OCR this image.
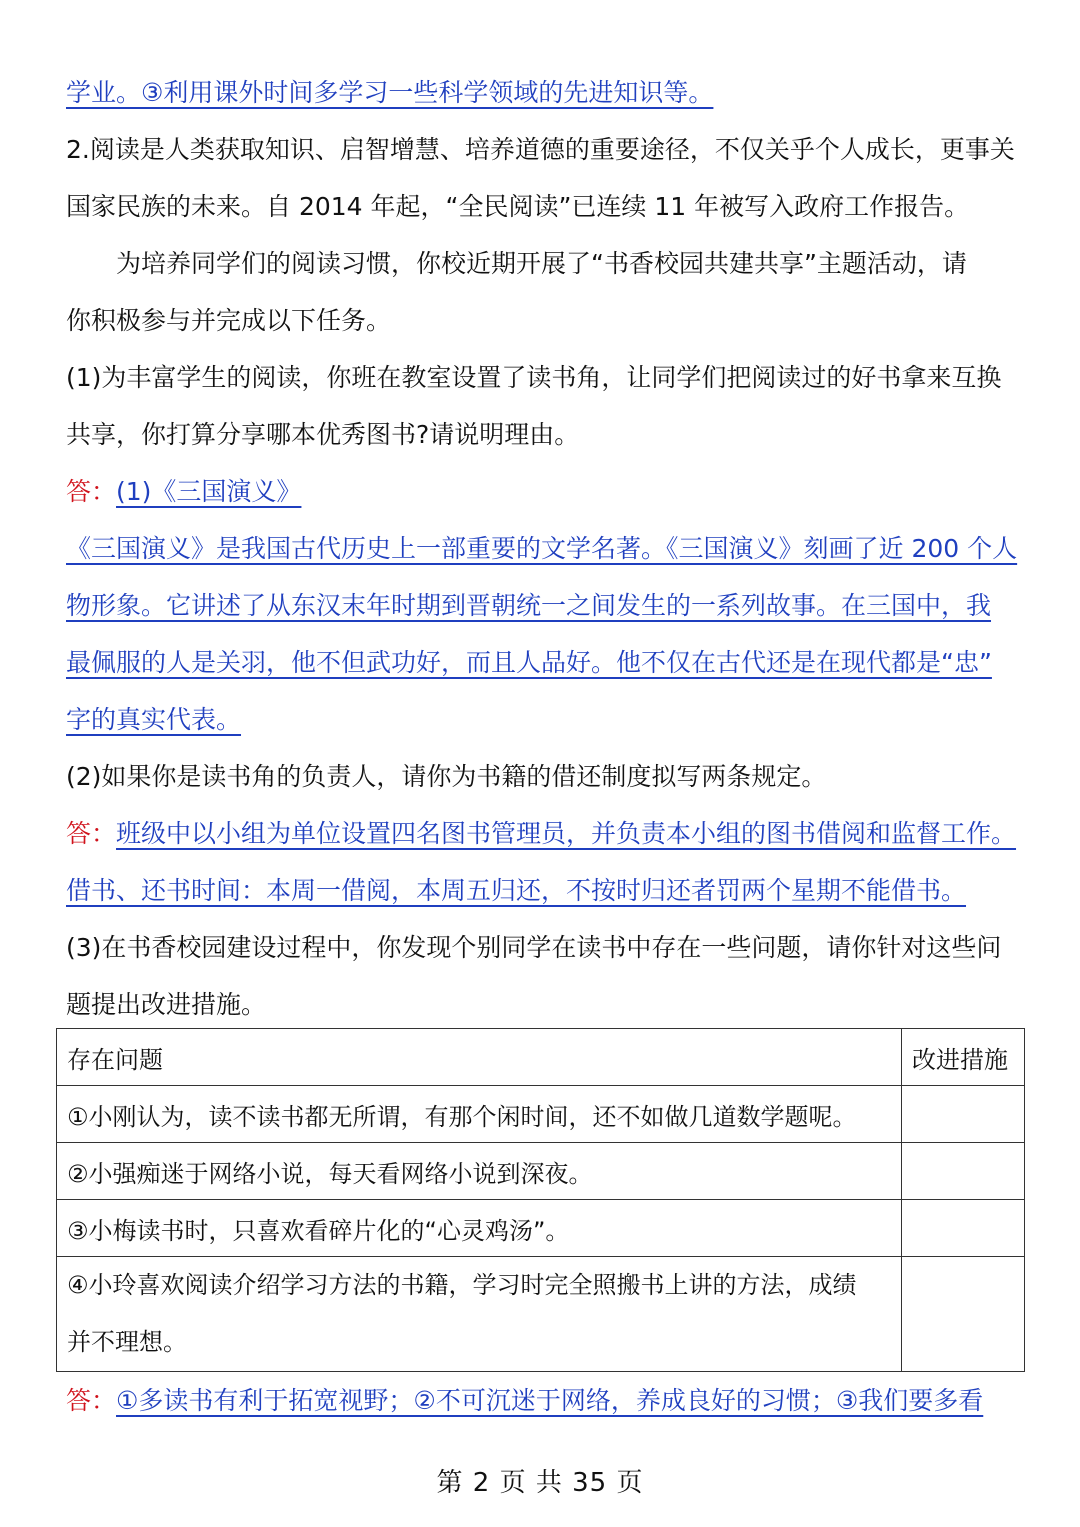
学业。③利用课外时间多学习一些科学领域的先进知识等。
2.阅读是人类获取知识、启智增慧、培养道德的重要途径，不仅关乎个人成长，更事关
国家民族的未来。自 2014 年起，“全民阅读”已连续 11 年被写入政府工作报告。
为培养同学们的阅读习惯，你校近期开展了“书香校园共建共享”主题活动，请
你积极参与并完成以下任务。
(1)为丰富学生的阅读，你班在教室设置了读书角，让同学们把阅读过的好书拿来互换
共享，你打算分享哪本优秀图书?请说明理由。
答：(1)《三国演义》
《三国演义》是我国古代历史上一部重要的文学名著。《三国演义》刻画了近 200 个人
物形象。它讲述了从东汉末年时期到晋朝统一之间发生的一系列故事。在三国中，我
最佩服的人是关羽，他不但武功好，而且人品好。他不仅在古代还是在现代都是“忠”
字的真实代表。
(2)如果你是读书角的负责人，请你为书籍的借还制度拟写两条规定。
答：班级中以小组为单位设置四名图书管理员，并负责本小组的图书借阅和监督工作。
借书、还书时间：本周一借阅，本周五归还，不按时归还者罚两个星期不能借书。
(3)在书香校园建设过程中，你发现个别同学在读书中存在一些问题，请你针对这些问
题提出改进措施。
存在问题	改进措施
①小刚认为，读不读书都无所谓，有那个闲时间，还不如做几道数学题呢。	
②小强痴迷于网络小说，每天看网络小说到深夜。	
③小梅读书时，只喜欢看碎片化的“心灵鸡汤”。	

④小玲喜欢阅读介绍学习方法的书籍，学习时完全照搬书上讲的方法，成绩
并不理想。	

答：①多读书有利于拓宽视野；②不可沉迷于网络，养成良好的习惯；③我们要多看
第 2 页 共 35 页
